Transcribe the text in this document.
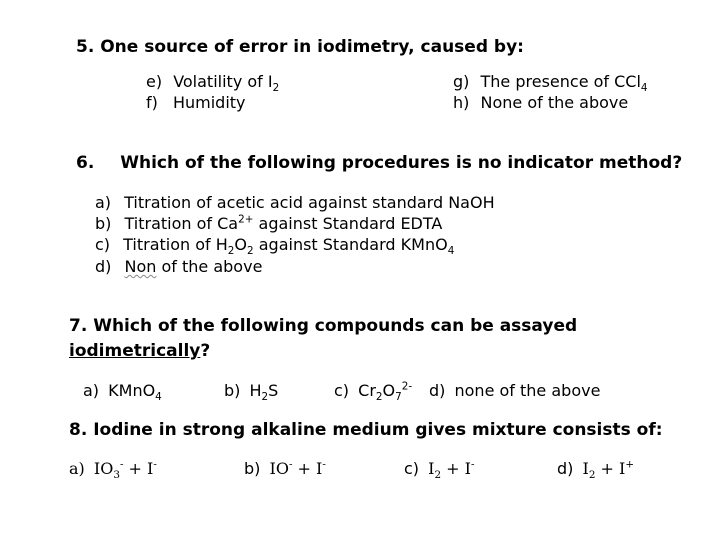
5. One source of error in iodimetry, caused by:
e) Volatility of $I_2$
f) Humidity
g) The presence of CCl$_4$
h) None of the above
6. Which of the following procedures is no indicator method?
a) Titration of acetic acid against standard NaOH
b) Titration of $Ca^{2+}$ against Standard EDTA
c) Titration of $H_2O_2$ against Standard KMnO$_4$
d) Non of the above
7. Which of the following compounds can be assayed
iodimetrically?
a) KMnO$_4$	b) $H_2S$	c) $Cr_2O_7^{2-}$ d) none of the above
8. Iodine in strong alkaline medium gives mixture consists of:
a) $IO_3^- + I^-$	b) IO- + I-	c) $I_2 + I^-$	d) $I_2 + I^+$
